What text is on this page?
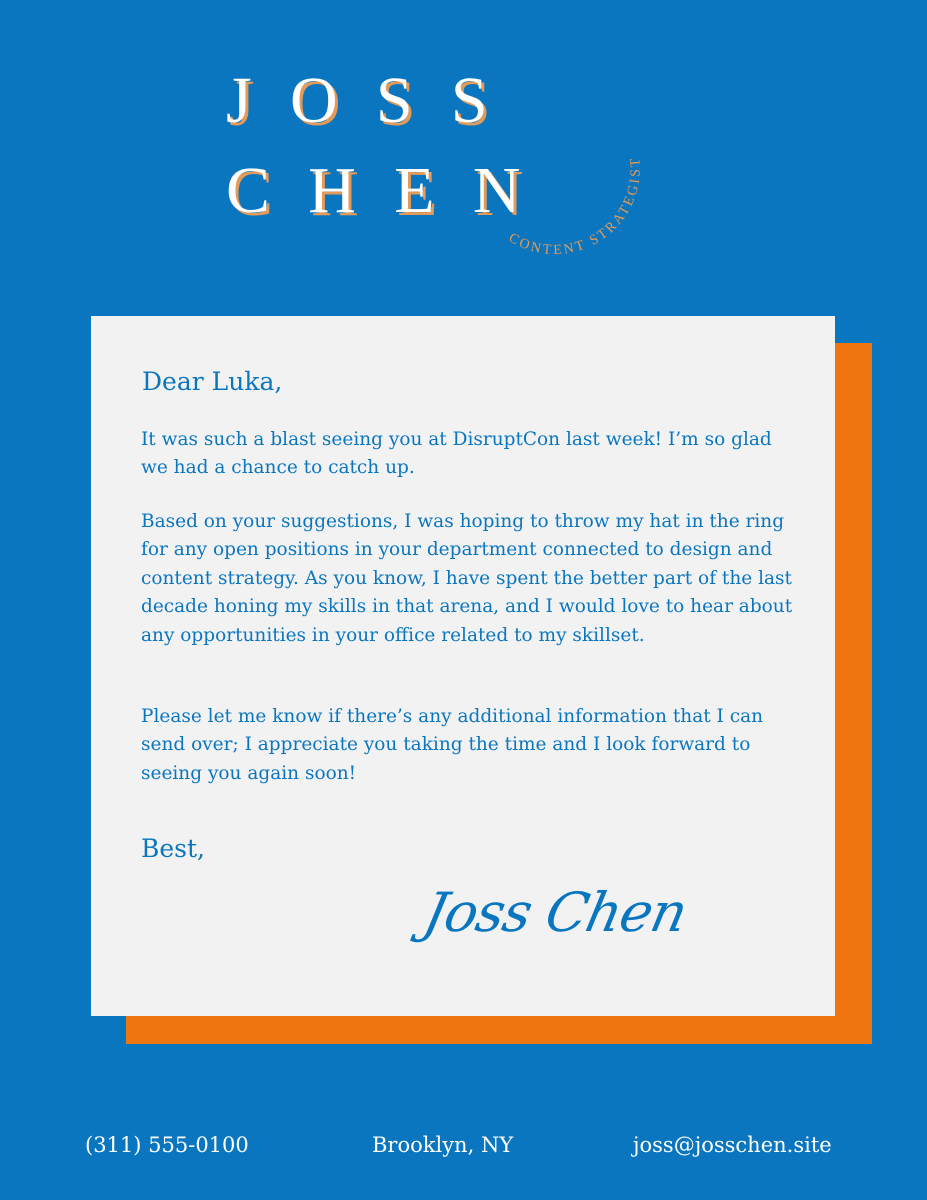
JOSS
CHEN
CONTENT STRATEGIST
Dear Luka,

It was such a blast seeing you at DisruptCon last week! I’m so glad we had a chance to catch up.

Based on your suggestions, I was hoping to throw my hat in the ring for any open positions in your department connected to design and content strategy. As you know, I have spent the better part of the last decade honing my skills in that arena, and I would love to hear about any opportunities in your office related to my skillset.

Please let me know if there’s any additional information that I can send over; I appreciate you taking the time and I look forward to seeing you again soon!

Best,
Joss Chen
(311) 555-0100	Brooklyn, NY	joss@josschen.site
